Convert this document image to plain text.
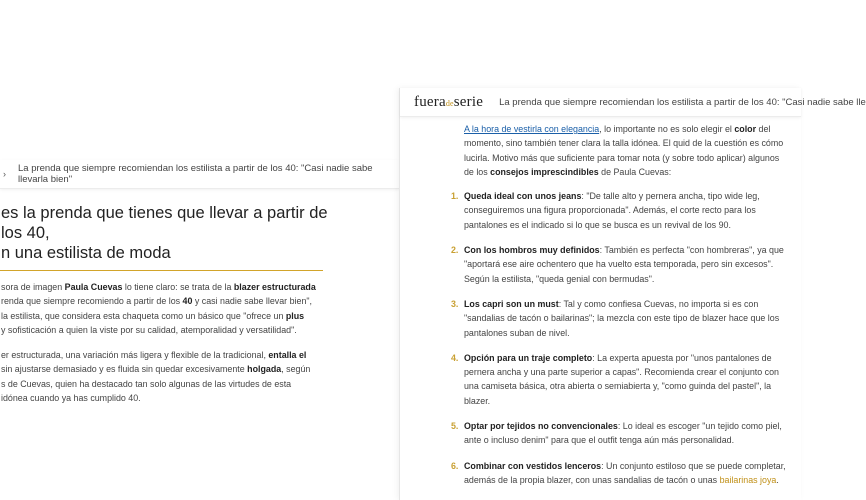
› La prenda que siempre recomiendan los estilista a partir de los 40: "Casi nadie sabe llevarla bien"
es la prenda que tienes que llevar a partir de los 40,
n una estilista de moda

sora de imagen Paula Cuevas lo tiene claro: se trata de la blazer estructurada
renda que siempre recomiendo a partir de los 40 y casi nadie sabe llevar bien",
la estilista, que considera esta chaqueta como un básico que "ofrece un plus
y sofisticación a quien la viste por su calidad, atemporalidad y versatilidad".

er estructurada, una variación más ligera y flexible de la tradicional, entalla el
sin ajustarse demasiado y es fluida sin quedar excesivamente holgada, según
s de Cuevas, quien ha destacado tan solo algunas de las virtudes de esta
idónea cuando ya has cumplido 40.

fueradeserie La prenda que siempre recomiendan los estilista a partir de los 40: "Casi nadie sabe lle

A la hora de vestirla con elegancia, lo importante no es solo elegir el color del momento, sino también tener clara la talla idónea. El quid de la cuestión es cómo lucirla. Motivo más que suficiente para tomar nota (y sobre todo aplicar) algunos de los consejos imprescindibles de Paula Cuevas:

1. Queda ideal con unos jeans: "De talle alto y pernera ancha, tipo wide leg, conseguiremos una figura proporcionada". Además, el corte recto para los pantalones es el indicado si lo que se busca es un revival de los 90.
2. Con los hombros muy definidos: También es perfecta "con hombreras", ya que "aportará ese aire ochentero que ha vuelto esta temporada, pero sin excesos". Según la estilista, "queda genial con bermudas".
3. Los capri son un must: Tal y como confiesa Cuevas, no importa si es con "sandalias de tacón o bailarinas"; la mezcla con este tipo de blazer hace que los pantalones suban de nivel.
4. Opción para un traje completo: La experta apuesta por "unos pantalones de pernera ancha y una parte superior a capas". Recomienda crear el conjunto con una camiseta básica, otra abierta o semiabierta y, "como guinda del pastel", la blazer.
5. Optar por tejidos no convencionales: Lo ideal es escoger "un tejido como piel, ante o incluso denim" para que el outfit tenga aún más personalidad.
6. Combinar con vestidos lenceros: Un conjunto estiloso que se puede completar, además de la propia blazer, con unas sandalias de tacón o unas bailarinas joya.
